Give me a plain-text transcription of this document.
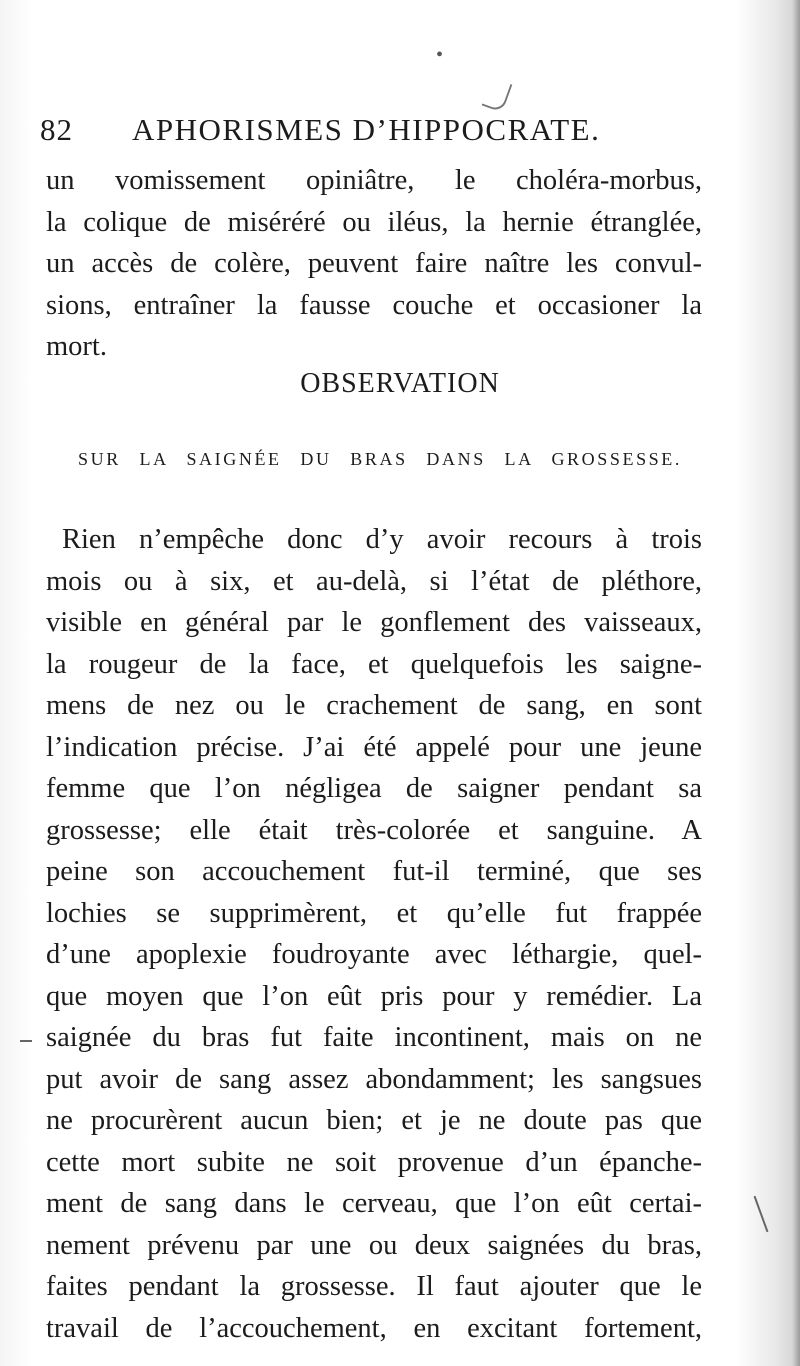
•
82 APHORISMES D’HIPPOCRATE.

un vomissement opiniâtre, le choléra-morbus,
la colique de miséréré ou iléus, la hernie étranglée,
un accès de colère, peuvent faire naître les convul-
sions, entraîner la fausse couche et occasioner la
mort.

OBSERVATION
SUR LA SAIGNÉE DU BRAS DANS LA GROSSESSE.

Rien n’empêche donc d’y avoir recours à trois
mois ou à six, et au-delà, si l’état de pléthore,
visible en général par le gonflement des vaisseaux,
la rougeur de la face, et quelquefois les saigne-
mens de nez ou le crachement de sang, en sont
l’indication précise. J’ai été appelé pour une jeune
femme que l’on négligea de saigner pendant sa
grossesse; elle était très-colorée et sanguine. A
peine son accouchement fut-il terminé, que ses
lochies se supprimèrent, et qu’elle fut frappée
d’une apoplexie foudroyante avec léthargie, quel-
que moyen que l’on eût pris pour y remédier. La
saignée du bras fut faite incontinent, mais on ne
put avoir de sang assez abondamment; les sangsues
ne procurèrent aucun bien; et je ne doute pas que
cette mort subite ne soit provenue d’un épanche-
ment de sang dans le cerveau, que l’on eût certai-
nement prévenu par une ou deux saignées du bras,
faites pendant la grossesse. Il faut ajouter que le
travail de l’accouchement, en excitant fortement,
